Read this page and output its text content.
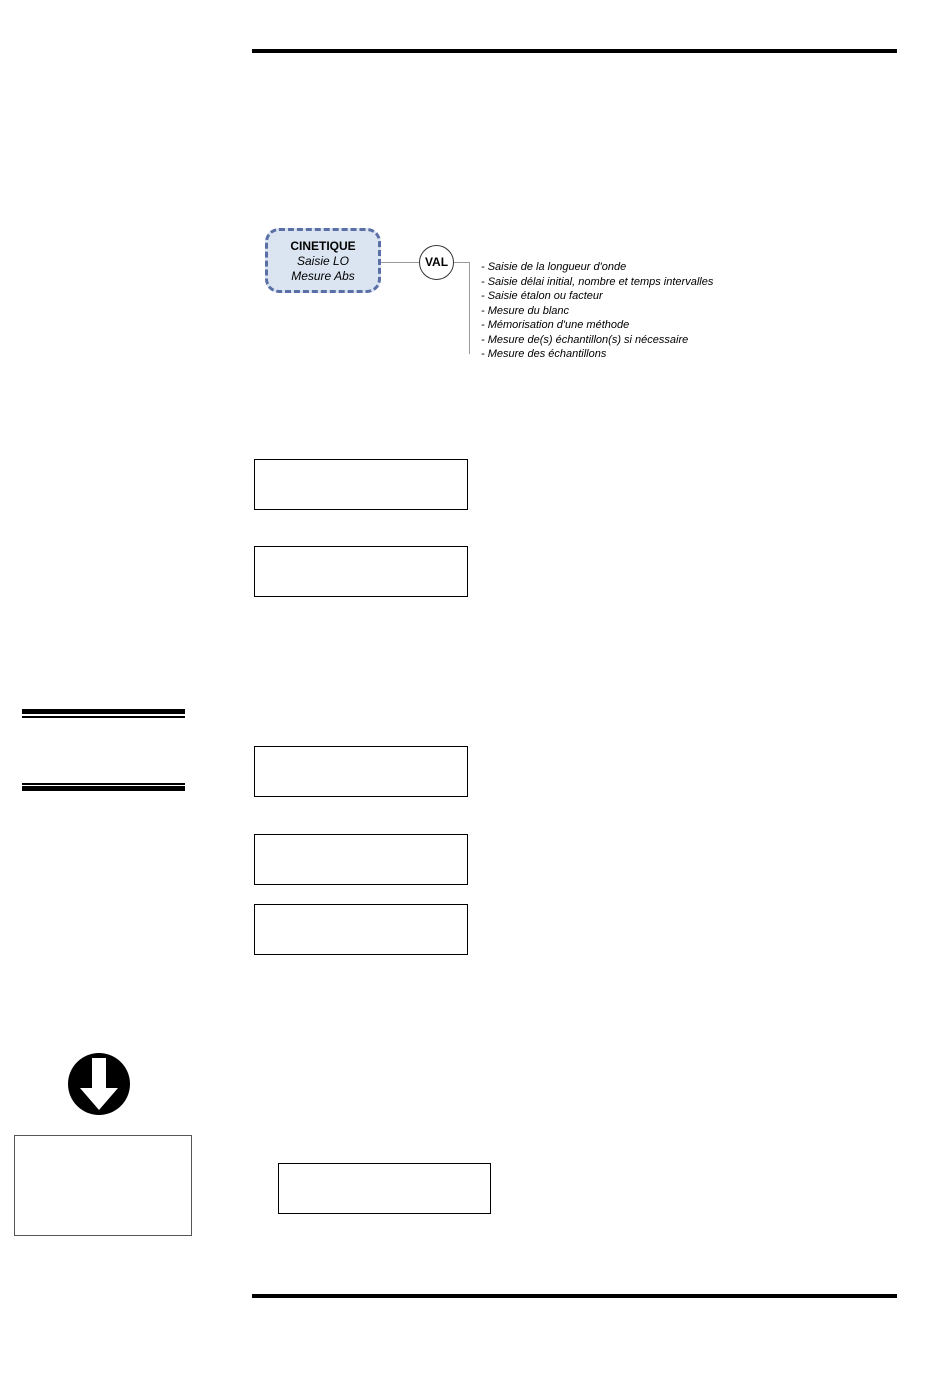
CINETIQUE
Saisie LO
Mesure Abs
VAL	- Saisie de la longueur d'onde
- Saisie délai initial, nombre et temps intervalles
- Saisie étalon ou facteur
- Mesure du blanc
- Mémorisation d'une méthode
- Mesure de(s) échantillon(s) si nécessaire
- Mesure des échantillons
